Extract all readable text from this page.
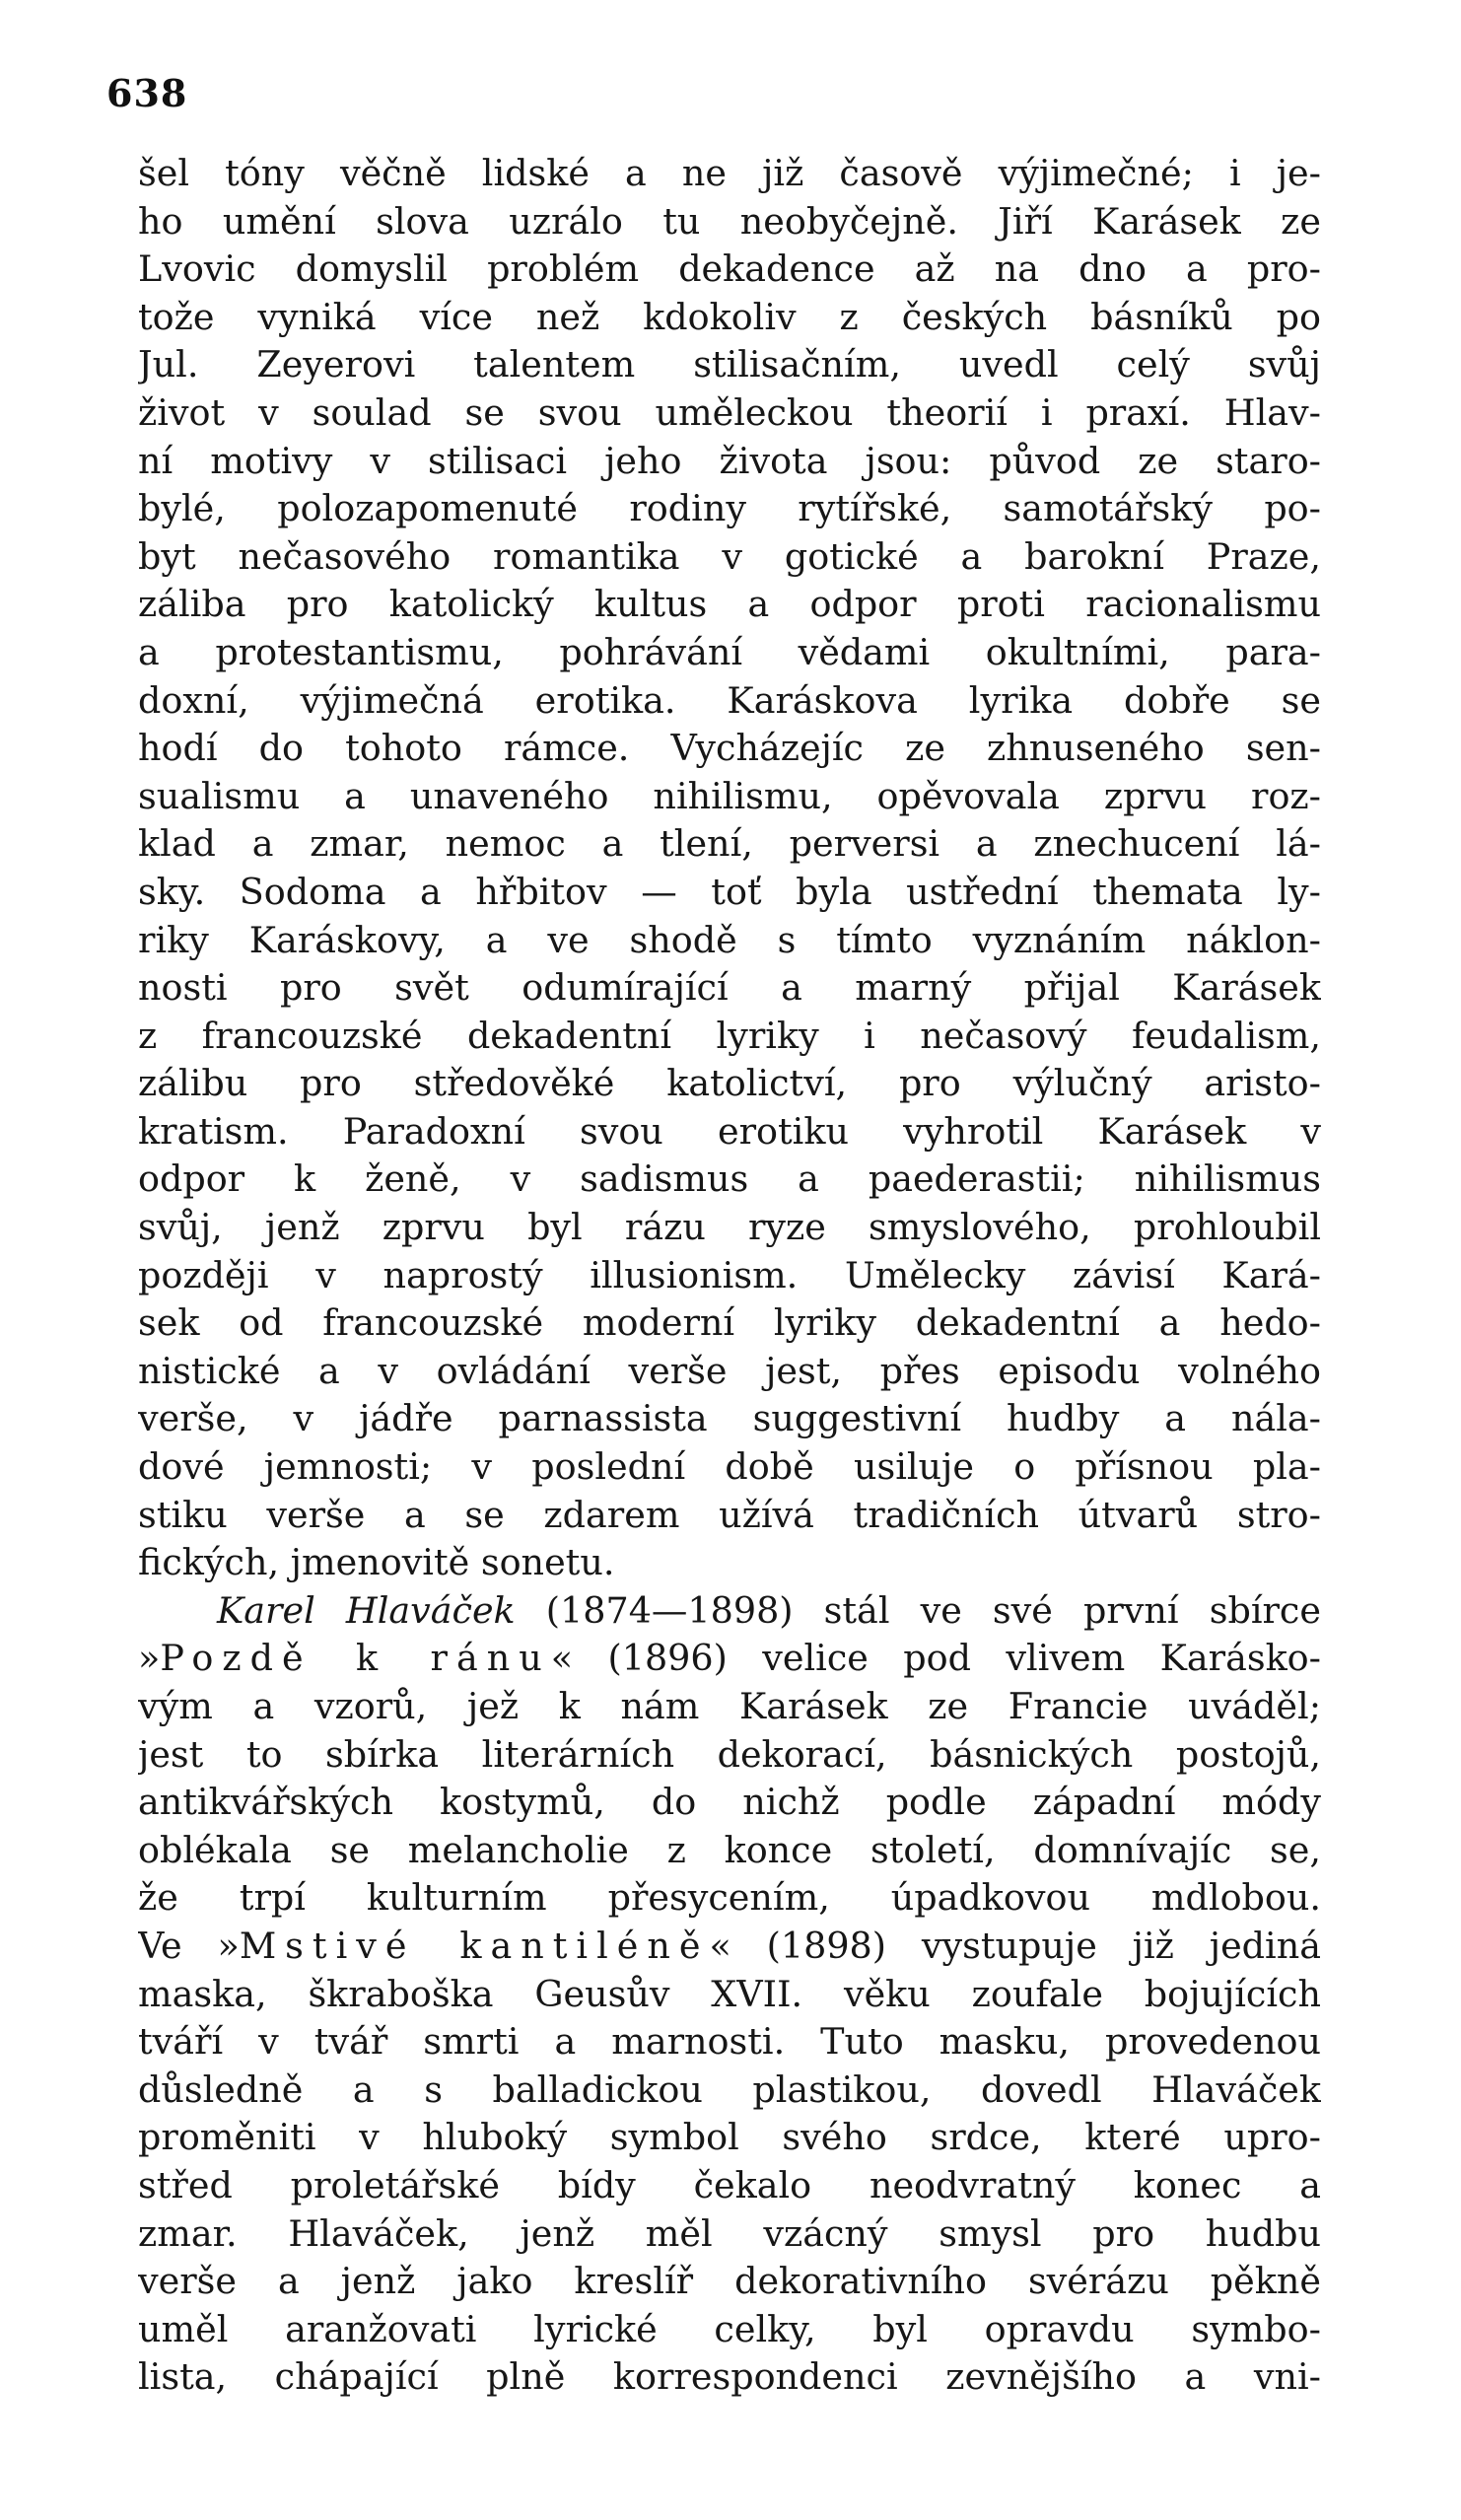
638
šel tóny věčně lidské a ne již časově výjimečné; i je-
ho umění slova uzrálo tu neobyčejně. Jiří Karásek ze
Lvovic domyslil problém dekadence až na dno a pro-
tože vyniká více než kdokoliv z českých básníků po
Jul. Zeyerovi talentem stilisačním, uvedl celý svůj
život v soulad se svou uměleckou theorií i praxí. Hlav-
ní motivy v stilisaci jeho života jsou: původ ze staro-
bylé, polozapomenuté rodiny rytířské, samotářský po-
byt nečasového romantika v gotické a barokní Praze,
záliba pro katolický kultus a odpor proti racionalismu
a protestantismu, pohrávání vědami okultními, para-
doxní, výjimečná erotika. Karáskova lyrika dobře se
hodí do tohoto rámce. Vycházejíc ze zhnuseného sen-
sualismu a unaveného nihilismu, opěvovala zprvu roz-
klad a zmar, nemoc a tlení, perversi a znechucení lá-
sky. Sodoma a hřbitov — toť byla ustřední themata ly-
riky Karáskovy, a ve shodě s tímto vyznáním náklon-
nosti pro svět odumírající a marný přijal Karásek
z francouzské dekadentní lyriky i nečasový feudalism,
zálibu pro středověké katolictví, pro výlučný aristo-
kratism. Paradoxní svou erotiku vyhrotil Karásek v
odpor k ženě, v sadismus a paederastii; nihilismus
svůj, jenž zprvu byl rázu ryze smyslového, prohloubil
později v naprostý illusionism. Umělecky závisí Kará-
sek od francouzské moderní lyriky dekadentní a hedo-
nistické a v ovládání verše jest, přes episodu volného
verše, v jádře parnassista suggestivní hudby a nála-
dové jemnosti; v poslední době usiluje o přísnou pla-
stiku verše a se zdarem užívá tradičních útvarů stro-
fických, jmenovitě sonetu.
Karel Hlaváček (1874—1898) stál ve své první sbírce
»Pozdě k ránu« (1896) velice pod vlivem Karásko-
vým a vzorů, jež k nám Karásek ze Francie uváděl;
jest to sbírka literárních dekorací, básnických postojů,
antikvářských kostymů, do nichž podle západní módy
oblékala se melancholie z konce století, domnívajíc se,
že trpí kulturním přesycením, úpadkovou mdlobou.
Ve »Mstivé kantiléně« (1898) vystupuje již jediná
maska, škraboška Geusův XVII. věku zoufale bojujících
tváří v tvář smrti a marnosti. Tuto masku, provedenou
důsledně a s balladickou plastikou, dovedl Hlaváček
proměniti v hluboký symbol svého srdce, které upro-
střed proletářské bídy čekalo neodvratný konec a
zmar. Hlaváček, jenž měl vzácný smysl pro hudbu
verše a jenž jako kreslíř dekorativního svérázu pěkně
uměl aranžovati lyrické celky, byl opravdu symbo-
lista, chápající plně korrespondenci zevnějšího a vni-
